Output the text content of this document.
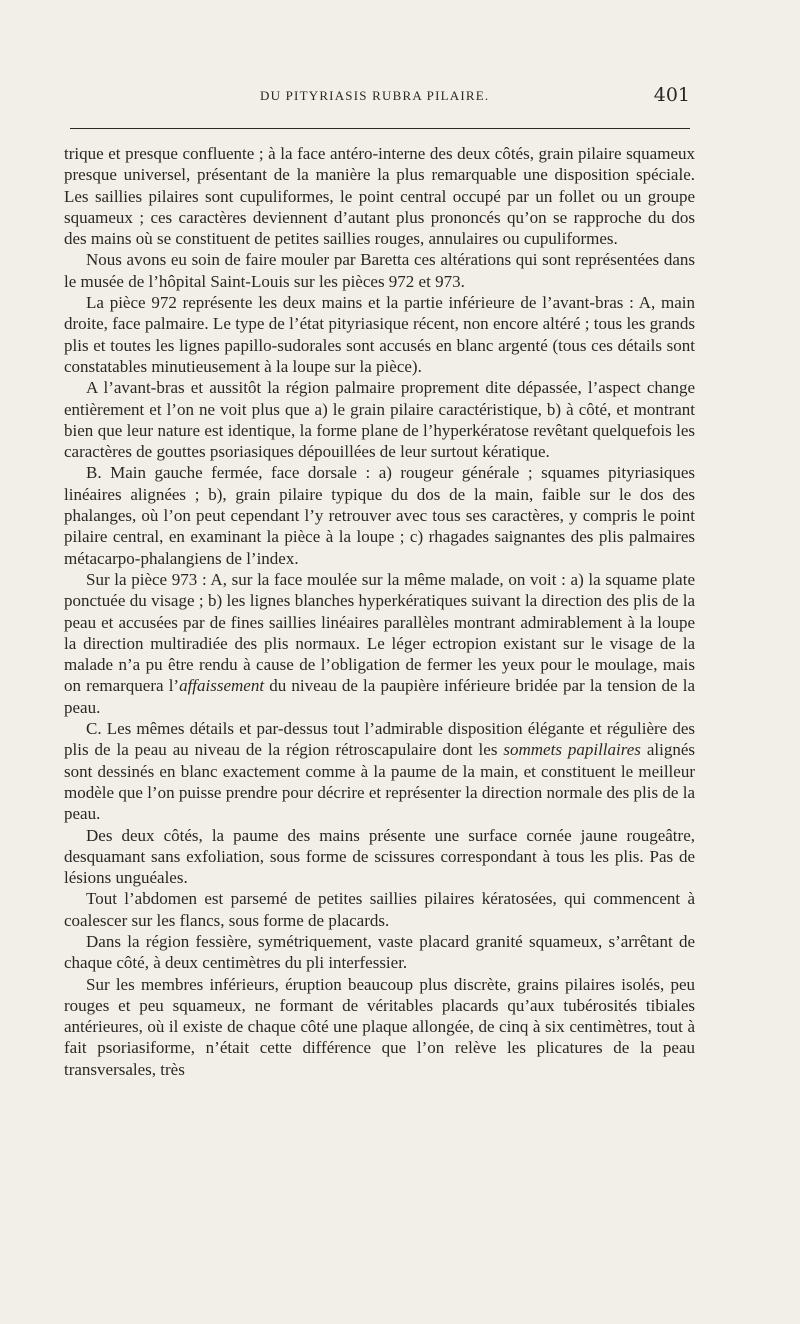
DU PITYRIASIS RUBRA PILAIRE.	401

trique et presque confluente ; à la face antéro-interne des deux côtés, grain pilaire squameux presque universel, présentant de la manière la plus remarquable une disposition spéciale. Les saillies pilaires sont cupuliformes, le point central occupé par un follet ou un groupe squameux ; ces caractères deviennent d’autant plus prononcés qu’on se rapproche du dos des mains où se constituent de petites saillies rouges, annulaires ou cupuliformes.

Nous avons eu soin de faire mouler par Baretta ces altérations qui sont représentées dans le musée de l’hôpital Saint-Louis sur les pièces 972 et 973.

La pièce 972 représente les deux mains et la partie inférieure de l’avant-bras : A, main droite, face palmaire. Le type de l’état pityriasique récent, non encore altéré ; tous les grands plis et toutes les lignes papillo-sudorales sont accusés en blanc argenté (tous ces détails sont constatables minutieusement à la loupe sur la pièce).

A l’avant-bras et aussitôt la région palmaire proprement dite dépassée, l’aspect change entièrement et l’on ne voit plus que a) le grain pilaire caractéristique, b) à côté, et montrant bien que leur nature est identique, la forme plane de l’hyperkératose revêtant quelquefois les caractères de gouttes psoriasiques dépouillées de leur surtout kératique.

B. Main gauche fermée, face dorsale : a) rougeur générale ; squames pityriasiques linéaires alignées ; b), grain pilaire typique du dos de la main, faible sur le dos des phalanges, où l’on peut cependant l’y retrouver avec tous ses caractères, y compris le point pilaire central, en examinant la pièce à la loupe ; c) rhagades saignantes des plis palmaires métacarpo-phalangiens de l’index.

Sur la pièce 973 : A, sur la face moulée sur la même malade, on voit : a) la squame plate ponctuée du visage ; b) les lignes blanches hyperkératiques suivant la direction des plis de la peau et accusées par de fines saillies linéaires parallèles montrant admirablement à la loupe la direction multiradiée des plis normaux. Le léger ectropion existant sur le visage de la malade n’a pu être rendu à cause de l’obligation de fermer les yeux pour le moulage, mais on remarquera l’affaissement du niveau de la paupière inférieure bridée par la tension de la peau.

C. Les mêmes détails et par-dessus tout l’admirable disposition élégante et régulière des plis de la peau au niveau de la région rétroscapulaire dont les sommets papillaires alignés sont dessinés en blanc exactement comme à la paume de la main, et constituent le meilleur modèle que l’on puisse prendre pour décrire et représenter la direction normale des plis de la peau.

Des deux côtés, la paume des mains présente une surface cornée jaune rougeâtre, desquamant sans exfoliation, sous forme de scissures correspondant à tous les plis. Pas de lésions unguéales.

Tout l’abdomen est parsemé de petites saillies pilaires kératosées, qui commencent à coalescer sur les flancs, sous forme de placards.

Dans la région fessière, symétriquement, vaste placard granité squameux, s’arrêtant de chaque côté, à deux centimètres du pli interfessier.

Sur les membres inférieurs, éruption beaucoup plus discrète, grains pilaires isolés, peu rouges et peu squameux, ne formant de véritables placards qu’aux tubérosités tibiales antérieures, où il existe de chaque côté une plaque allongée, de cinq à six centimètres, tout à fait psoriasiforme, n’était cette différence que l’on relève les plicatures de la peau transversales, très
